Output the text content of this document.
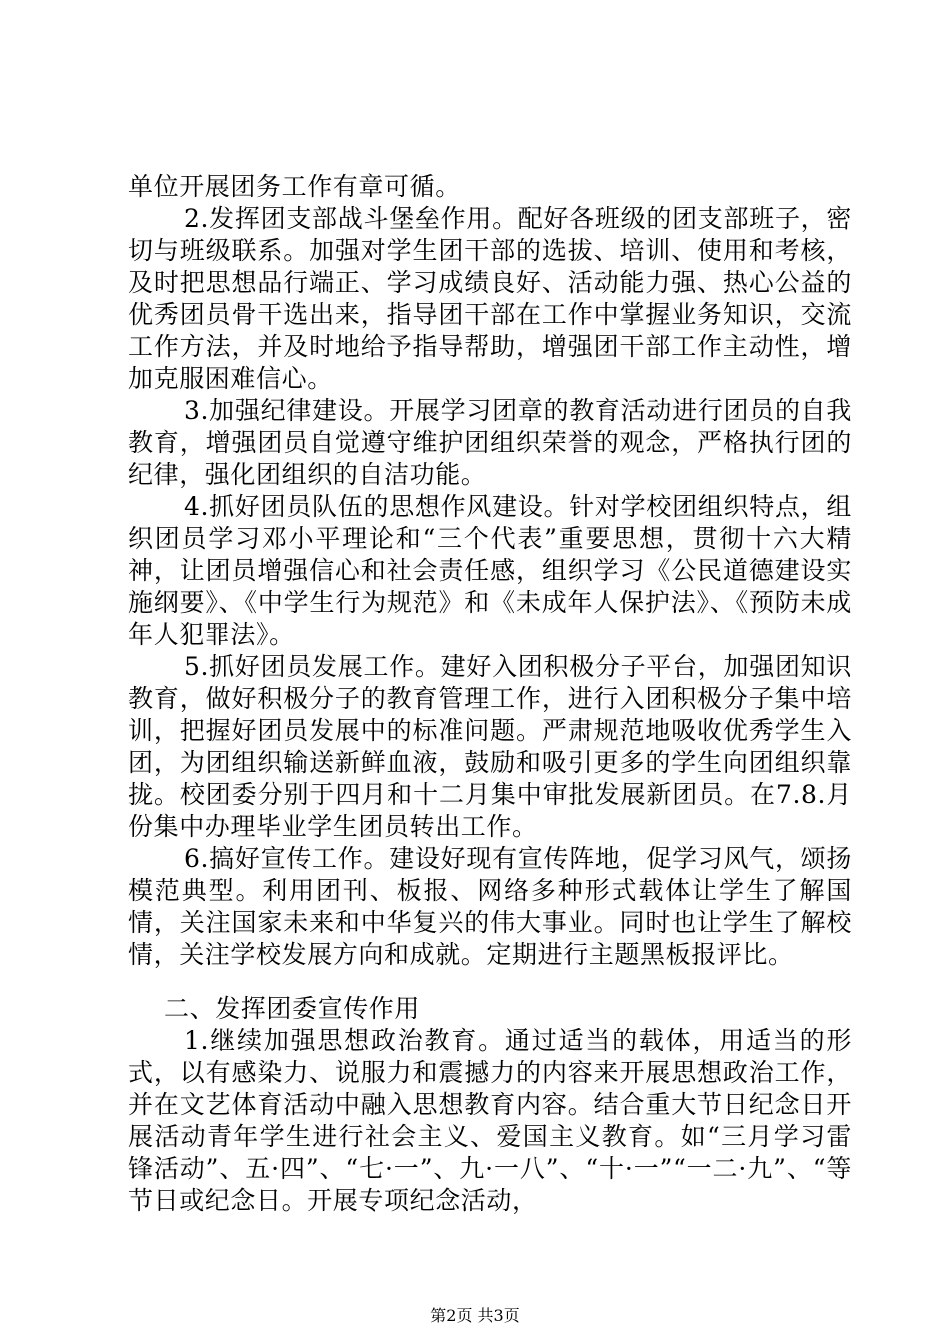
单位开展团务工作有章可循。

2.发挥团支部战斗堡垒作用。配好各班级的团支部班子，密切与班级联系。加强对学生团干部的选拔、培训、使用和考核，及时把思想品行端正、学习成绩良好、活动能力强、热心公益的优秀团员骨干选出来，指导团干部在工作中掌握业务知识，交流工作方法，并及时地给予指导帮助，增强团干部工作主动性，增加克服困难信心。

3.加强纪律建设。开展学习团章的教育活动进行团员的自我教育，增强团员自觉遵守维护团组织荣誉的观念，严格执行团的纪律，强化团组织的自洁功能。

4.抓好团员队伍的思想作风建设。针对学校团组织特点，组织团员学习邓小平理论和“三个代表”重要思想，贯彻十六大精神，让团员增强信心和社会责任感，组织学习《公民道德建设实施纲要》、《中学生行为规范》和《未成年人保护法》、《预防未成年人犯罪法》。

5.抓好团员发展工作。建好入团积极分子平台，加强团知识教育，做好积极分子的教育管理工作，进行入团积极分子集中培训，把握好团员发展中的标准问题。严肃规范地吸收优秀学生入团，为团组织输送新鲜血液，鼓励和吸引更多的学生向团组织靠拢。校团委分别于四月和十二月集中审批发展新团员。在7.8.月份集中办理毕业学生团员转出工作。

6.搞好宣传工作。建设好现有宣传阵地，促学习风气，颂扬模范典型。利用团刊、板报、网络多种形式载体让学生了解国情，关注国家未来和中华复兴的伟大事业。同时也让学生了解校情，关注学校发展方向和成就。定期进行主题黑板报评比。

二、发挥团委宣传作用

1.继续加强思想政治教育。通过适当的载体，用适当的形式，以有感染力、说服力和震撼力的内容来开展思想政治工作，并在文艺体育活动中融入思想教育内容。结合重大节日纪念日开展活动青年学生进行社会主义、爱国主义教育。如“三月学习雷锋活动”、五·四”、“七·一”、九·一八”、“十·一”“一二·九”、“等节日或纪念日。开展专项纪念活动，

第2页 共3页
